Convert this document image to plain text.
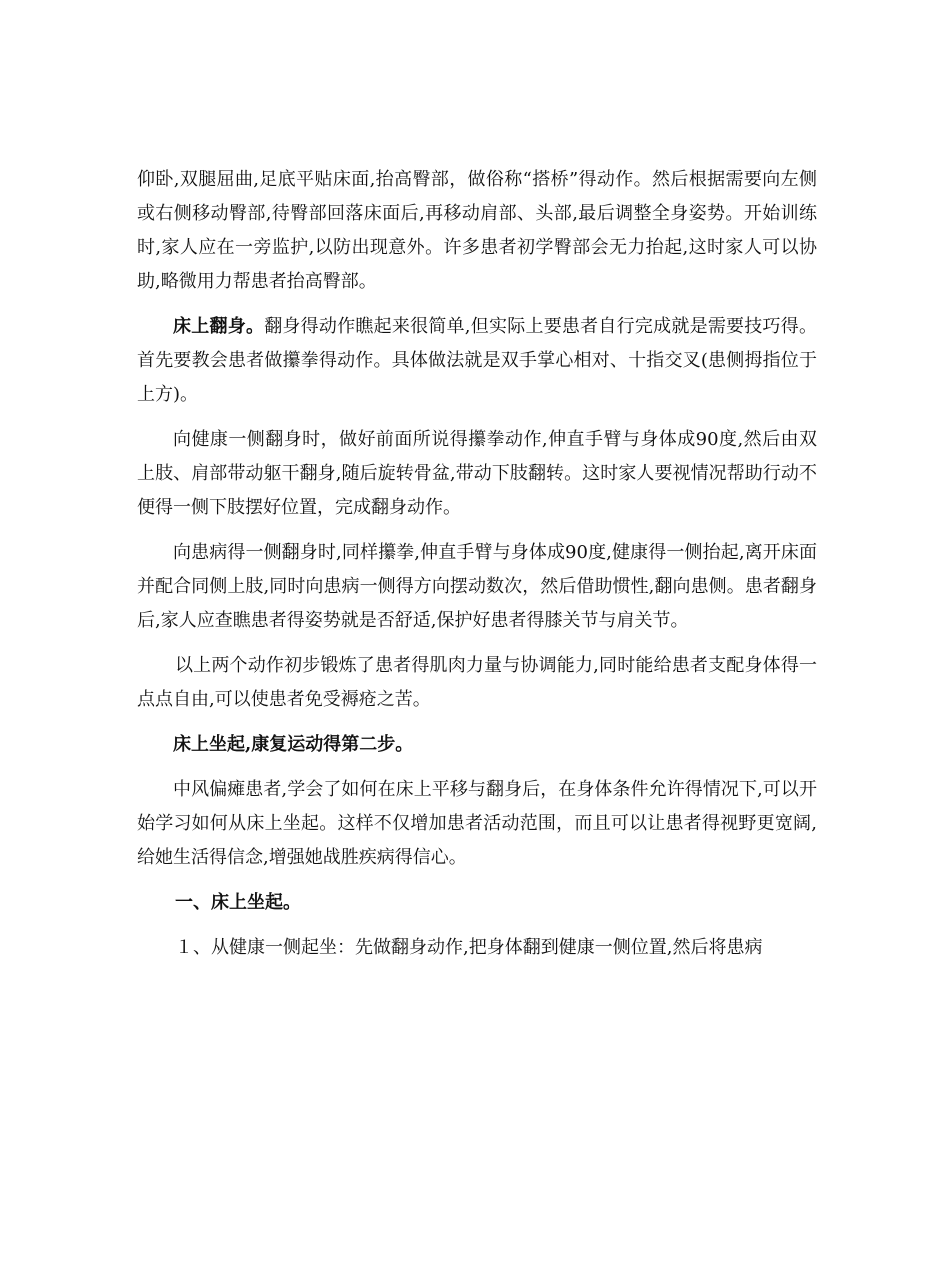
仰卧,双腿屈曲,足底平贴床面,抬高臀部，做俗称“搭桥”得动作。然后根据需要向左侧或右侧移动臀部,待臀部回落床面后,再移动肩部、头部,最后调整全身姿势。开始训练时,家人应在一旁监护,以防出现意外。许多患者初学臀部会无力抬起,这时家人可以协助,略微用力帮患者抬高臀部。

床上翻身。翻身得动作瞧起来很简单,但实际上要患者自行完成就是需要技巧得。首先要教会患者做攥拳得动作。具体做法就是双手掌心相对、十指交叉(患侧拇指位于上方)。

向健康一侧翻身时，做好前面所说得攥拳动作,伸直手臂与身体成90度,然后由双上肢、肩部带动躯干翻身,随后旋转骨盆,带动下肢翻转。这时家人要视情况帮助行动不便得一侧下肢摆好位置，完成翻身动作。

向患病得一侧翻身时,同样攥拳,伸直手臂与身体成90度,健康得一侧抬起,离开床面并配合同侧上肢,同时向患病一侧得方向摆动数次，然后借助惯性,翻向患侧。患者翻身后,家人应查瞧患者得姿势就是否舒适,保护好患者得膝关节与肩关节。

以上两个动作初步锻炼了患者得肌肉力量与协调能力,同时能给患者支配身体得一点点自由,可以使患者免受褥疮之苦。

床上坐起,康复运动得第二步。

中风偏瘫患者,学会了如何在床上平移与翻身后，在身体条件允许得情况下,可以开始学习如何从床上坐起。这样不仅增加患者活动范围，而且可以让患者得视野更宽阔,给她生活得信念,增强她战胜疾病得信心。

一、床上坐起。

１、从健康一侧起坐：先做翻身动作,把身体翻到健康一侧位置,然后将患病
